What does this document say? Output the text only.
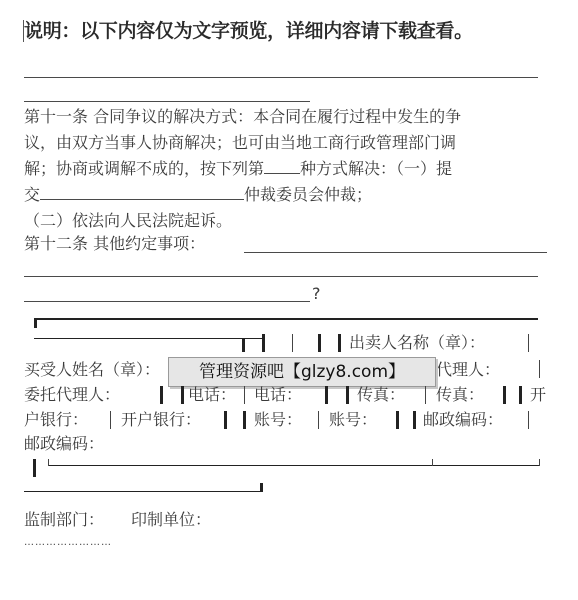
说明：以下内容仅为文字预览，详细内容请下载查看。
第十一条 合同争议的解决方式：本合同在履行过程中发生的争
议，由双方当事人协商解决；也可由当地工商行政管理部门调
解；协商或调解不成的，按下列第 种方式解决：（一）提
交	仲裁委员会仲裁；
（二）依法向人民法院起诉。
第十二条 其他约定事项：
?
出卖人名称（章）：
买受人姓名（章）：	代理人：
管理资源吧【glzy8.com】
委托代理人：	电话： 电话：	传真： 传真：	开
户银行： 开户银行：	账号： 账号：	邮政编码：
邮政编码：
监制部门： 印制单位：
……………………
